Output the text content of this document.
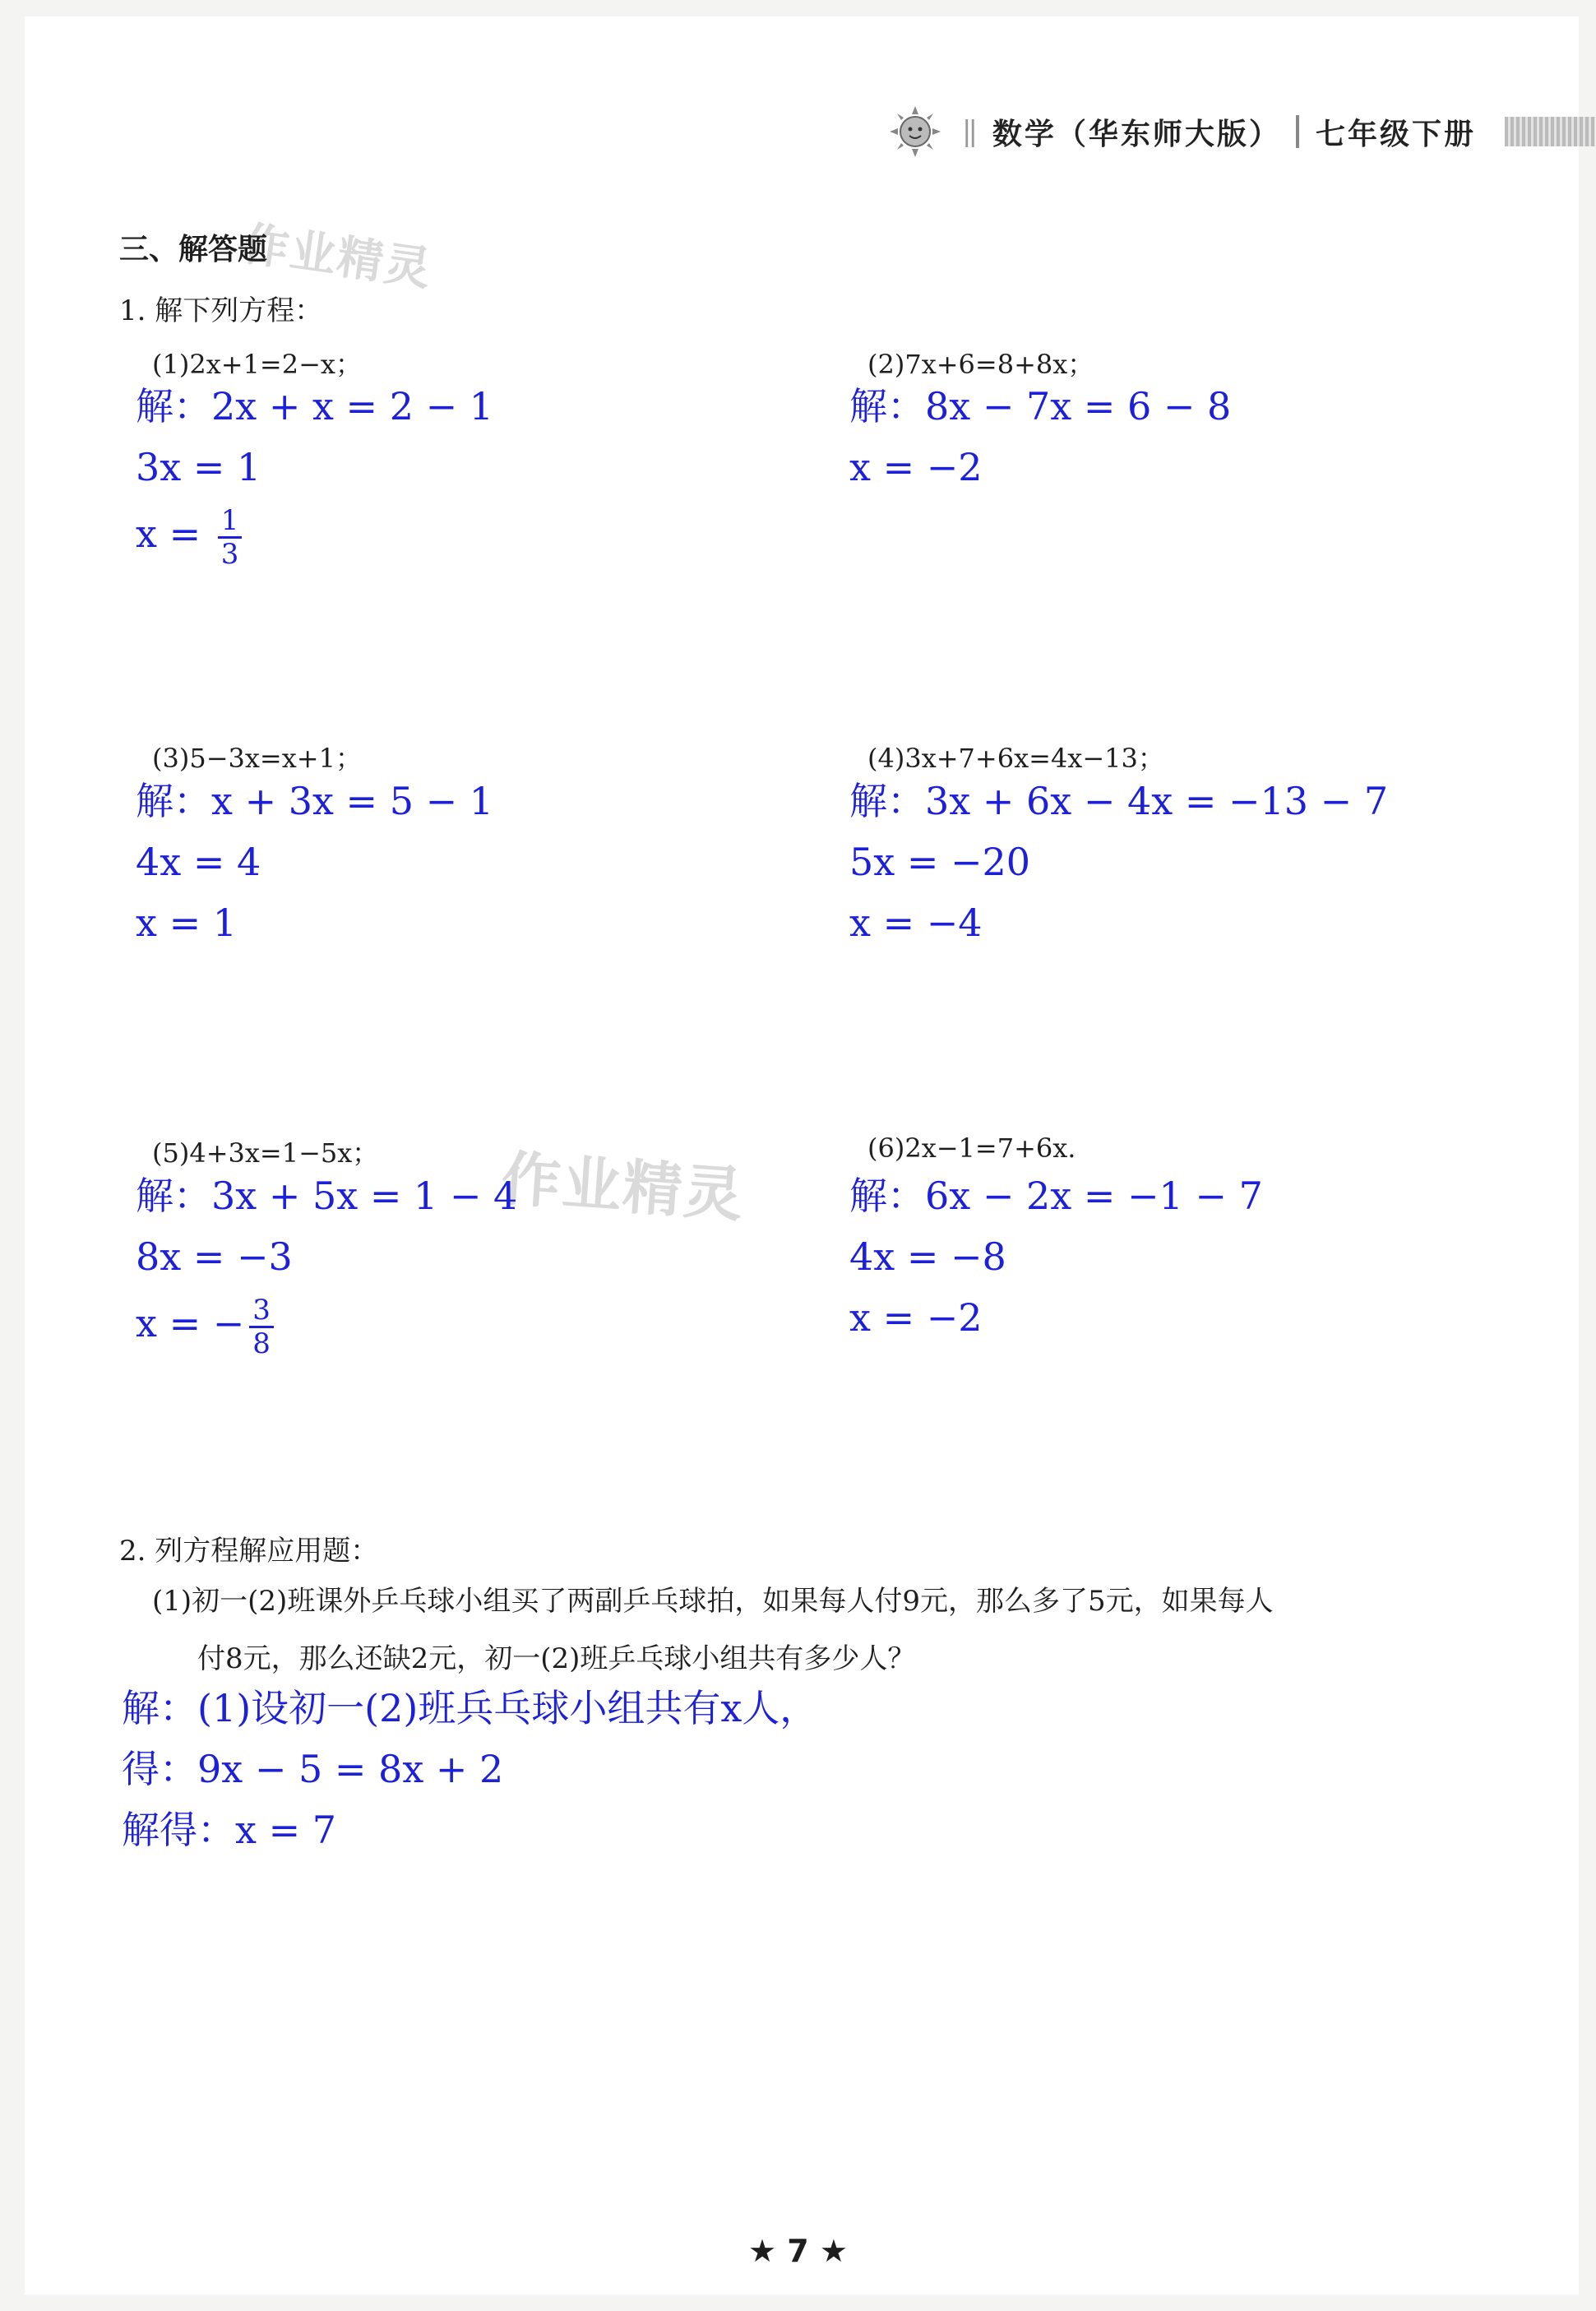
|| 数学（华东师大版） 七年级下册
作业精灵
作业精灵
三、解答题
1. 解下列方程：
(1)2x+1=2−x；
解：2x + x = 2 − 1
3x = 1
$x = \frac{1}{3}$
(2)7x+6=8+8x；
解：8x − 7x = 6 − 8
x = −2
(3)5−3x=x+1；
解：x + 3x = 5 − 1
4x = 4
x = 1
(4)3x+7+6x=4x−13；
解：3x + 6x − 4x = −13 − 7
5x = −20
x = −4
(5)4+3x=1−5x；
解：3x + 5x = 1 − 4
8x = −3
x = − $\frac{3}{8}$
(6)2x−1=7+6x.
解：6x − 2x = −1 − 7
4x = −8
x = −2
2. 列方程解应用题：
(1)初一(2)班课外乒乓球小组买了两副乒乓球拍，如果每人付9元，那么多了5元，如果每人
付8元，那么还缺2元，初一(2)班乒乓球小组共有多少人？
解：(1)设初一(2)班兵乓球小组共有x人，
得：9x − 5 = 8x + 2
解得：x = 7
★ 7 ★
